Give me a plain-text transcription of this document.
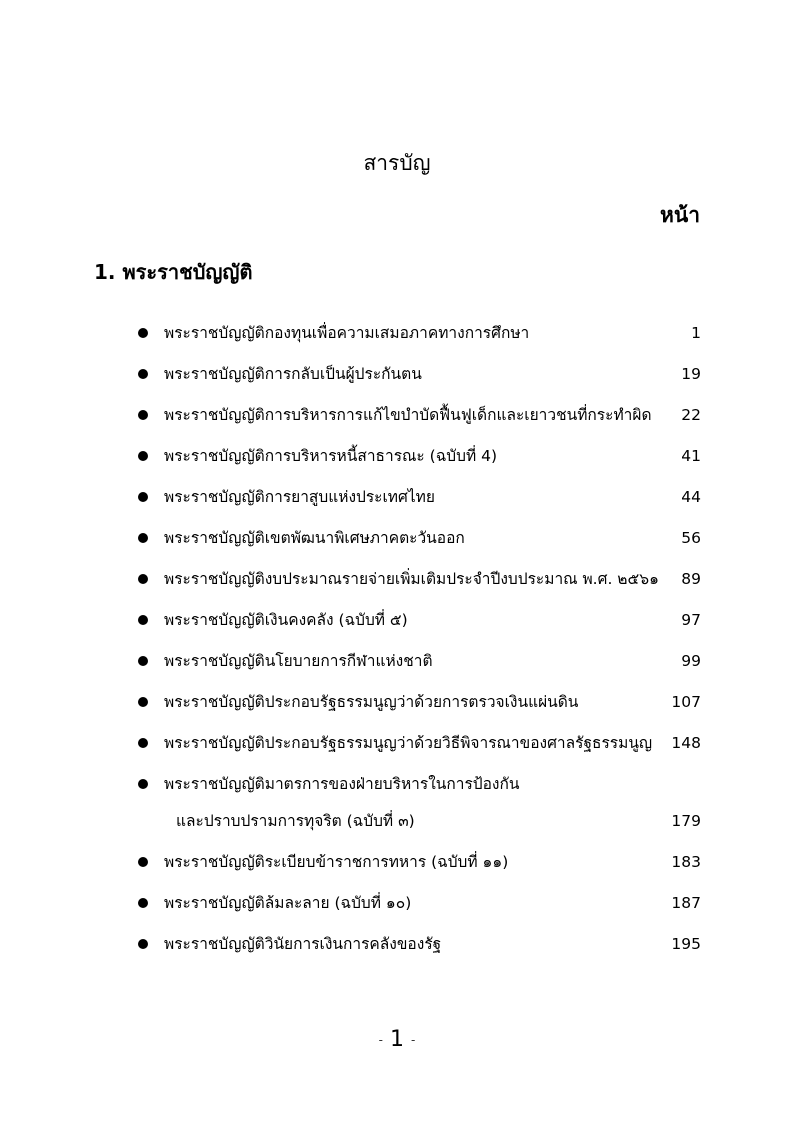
สารบัญ
หน้า
1. พระราชบัญญัติ
พระราชบัญญัติกองทุนเพื่อความเสมอภาคทางการศึกษา	1
พระราชบัญญัติการกลับเป็นผู้ประกันตน	19
พระราชบัญญัติการบริหารการแก้ไขบำบัดฟื้นฟูเด็กและเยาวชนที่กระทำผิด 22
พระราชบัญญัติการบริหารหนี้สาธารณะ (ฉบับที่ 4)	41
พระราชบัญญัติการยาสูบแห่งประเทศไทย	44
พระราชบัญญัติเขตพัฒนาพิเศษภาคตะวันออก	56
พระราชบัญญัติงบประมาณรายจ่ายเพิ่มเติมประจำปีงบประมาณ พ.ศ. ๒๕๖๑ 89
พระราชบัญญัติเงินคงคลัง (ฉบับที่ ๕)	97
พระราชบัญญัตินโยบายการกีฬาแห่งชาติ	99
พระราชบัญญัติประกอบรัฐธรรมนูญว่าด้วยการตรวจเงินแผ่นดิน	107
พระราชบัญญัติประกอบรัฐธรรมนูญว่าด้วยวิธีพิจารณาของศาลรัฐธรรมนูญ 148
พระราชบัญญัติมาตรการของฝ่ายบริหารในการป้องกัน
และปราบปรามการทุจริต (ฉบับที่ ๓)	179
พระราชบัญญัติระเบียบข้าราชการทหาร (ฉบับที่ ๑๑)	183
พระราชบัญญัติล้มละลาย (ฉบับที่ ๑๐)	187
พระราชบัญญัติวินัยการเงินการคลังของรัฐ	195
- 1 -
